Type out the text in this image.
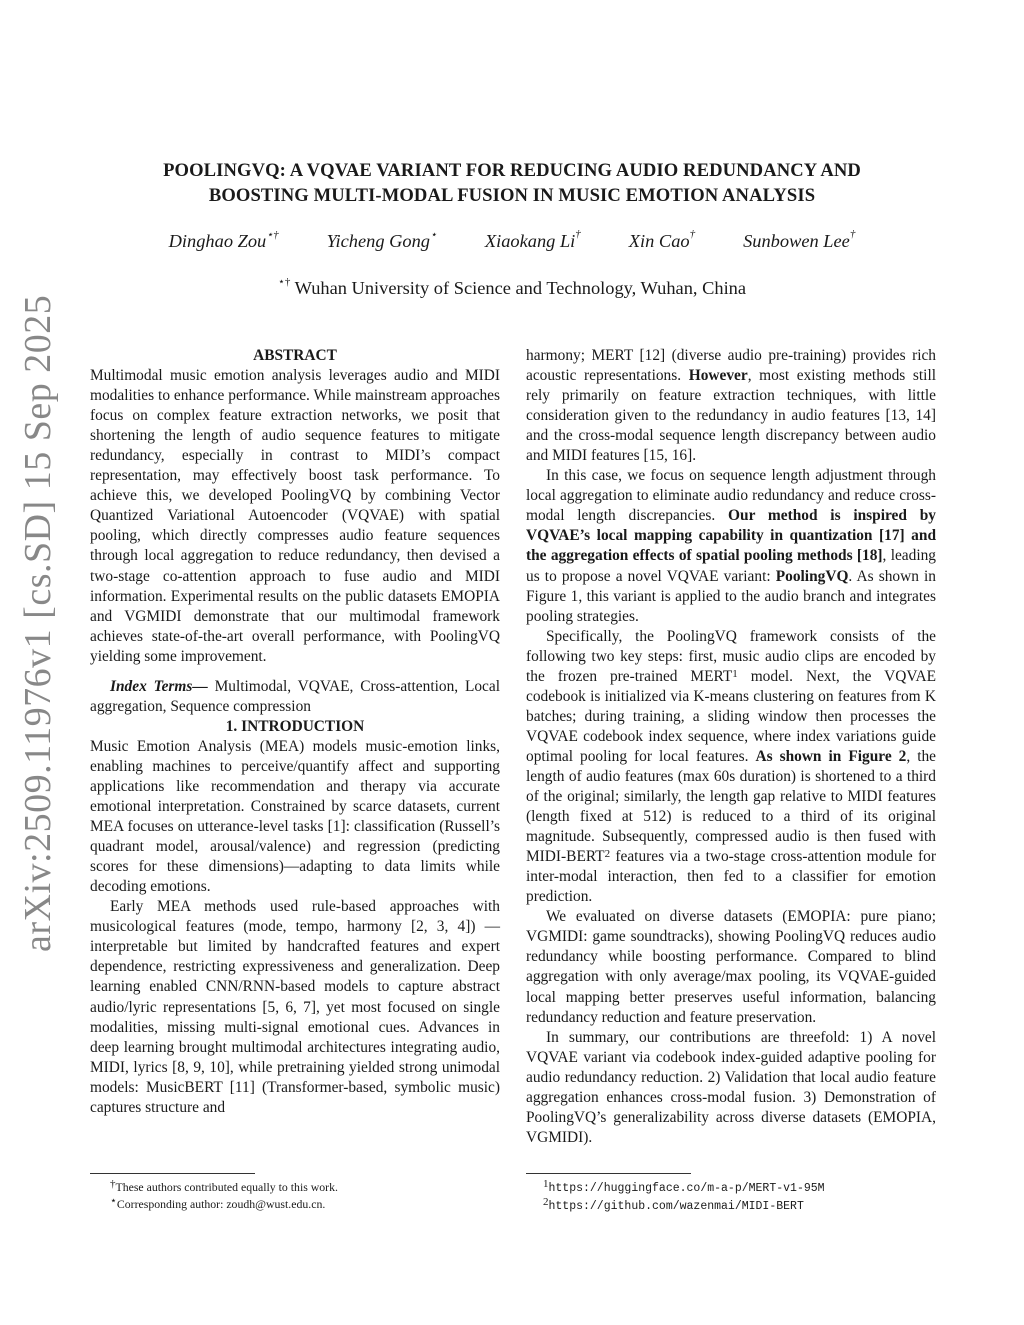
arXiv:2509.11976v1 [cs.SD] 15 Sep 2025
POOLINGVQ: A VQVAE VARIANT FOR REDUCING AUDIO REDUNDANCY AND
BOOSTING MULTI-MODAL FUSION IN MUSIC EMOTION ANALYSIS
Dinghao Zou⋆†	Yicheng Gong⋆	Xiaokang Li†	Xin Cao†	Sunbowen Lee†
⋆† Wuhan University of Science and Technology, Wuhan, China

ABSTRACT

Multimodal music emotion analysis leverages audio and MIDI modalities to enhance performance. While mainstream approaches focus on complex feature extraction networks, we posit that shortening the length of audio sequence features to mitigate redundancy, especially in contrast to MIDI’s compact representation, may effectively boost task performance. To achieve this, we developed PoolingVQ by combining Vector Quantized Variational Autoencoder (VQVAE) with spatial pooling, which directly compresses audio feature sequences through local aggregation to reduce redundancy, then devised a two-stage co-attention approach to fuse audio and MIDI information. Experimental results on the public datasets EMOPIA and VGMIDI demonstrate that our multimodal framework achieves state-of-the-art overall performance, with PoolingVQ yielding some improvement.

Index Terms— Multimodal, VQVAE, Cross-attention, Local aggregation, Sequence compression

1. INTRODUCTION

Music Emotion Analysis (MEA) models music-emotion links, enabling machines to perceive/quantify affect and supporting applications like recommendation and therapy via accurate emotional interpretation. Constrained by scarce datasets, current MEA focuses on utterance-level tasks [1]: classification (Russell’s quadrant model, arousal/valence) and regression (predicting scores for these dimensions)—adapting to data limits while decoding emotions.

Early MEA methods used rule-based approaches with musicological features (mode, tempo, harmony [2, 3, 4]) —interpretable but limited by handcrafted features and expert dependence, restricting expressiveness and generalization. Deep learning enabled CNN/RNN-based models to capture abstract audio/lyric representations [5, 6, 7], yet most focused on single modalities, missing multi-signal emotional cues. Advances in deep learning brought multimodal architectures integrating audio, MIDI, lyrics [8, 9, 10], while pretraining yielded strong unimodal models: MusicBERT [11] (Transformer-based, symbolic music) captures structure and

harmony; MERT [12] (diverse audio pre-training) provides rich acoustic representations. However, most existing methods still rely primarily on feature extraction techniques, with little consideration given to the redundancy in audio features [13, 14] and the cross-modal sequence length discrepancy between audio and MIDI features [15, 16].

In this case, we focus on sequence length adjustment through local aggregation to eliminate audio redundancy and reduce cross-modal length discrepancies. Our method is inspired by VQVAE’s local mapping capability in quantization [17] and the aggregation effects of spatial pooling methods [18], leading us to propose a novel VQVAE variant: PoolingVQ. As shown in Figure 1, this variant is applied to the audio branch and integrates pooling strategies.

Specifically, the PoolingVQ framework consists of the following two key steps: first, music audio clips are encoded by the frozen pre-trained MERT$^1$ model. Next, the VQVAE codebook is initialized via K-means clustering on features from K batches; during training, a sliding window then processes the VQVAE codebook index sequence, where index variations guide optimal pooling for local features. As shown in Figure 2, the length of audio features (max 60s duration) is shortened to a third of the original; similarly, the length gap relative to MIDI features (length fixed at 512) is reduced to a third of its original magnitude. Subsequently, compressed audio is then fused with MIDI-BERT$^2$ features via a two-stage cross-attention module for inter-modal interaction, then fed to a classifier for emotion prediction.

We evaluated on diverse datasets (EMOPIA: pure piano; VGMIDI: game soundtracks), showing PoolingVQ reduces audio redundancy while boosting performance. Compared to blind aggregation with only average/max pooling, its VQVAE-guided local mapping better preserves useful information, balancing redundancy reduction and feature preservation.

In summary, our contributions are threefold: 1) A novel VQVAE variant via codebook index-guided adaptive pooling for audio redundancy reduction. 2) Validation that local audio feature aggregation enhances cross-modal fusion. 3) Demonstration of PoolingVQ’s generalizability across diverse datasets (EMOPIA, VGMIDI).

†These authors contributed equally to this work.
⋆Corresponding author: zoudh@wust.edu.cn.
$^1$https://huggingface.co/m-a-p/MERT-v1-95M
$^2$https://github.com/wazenmai/MIDI-BERT
